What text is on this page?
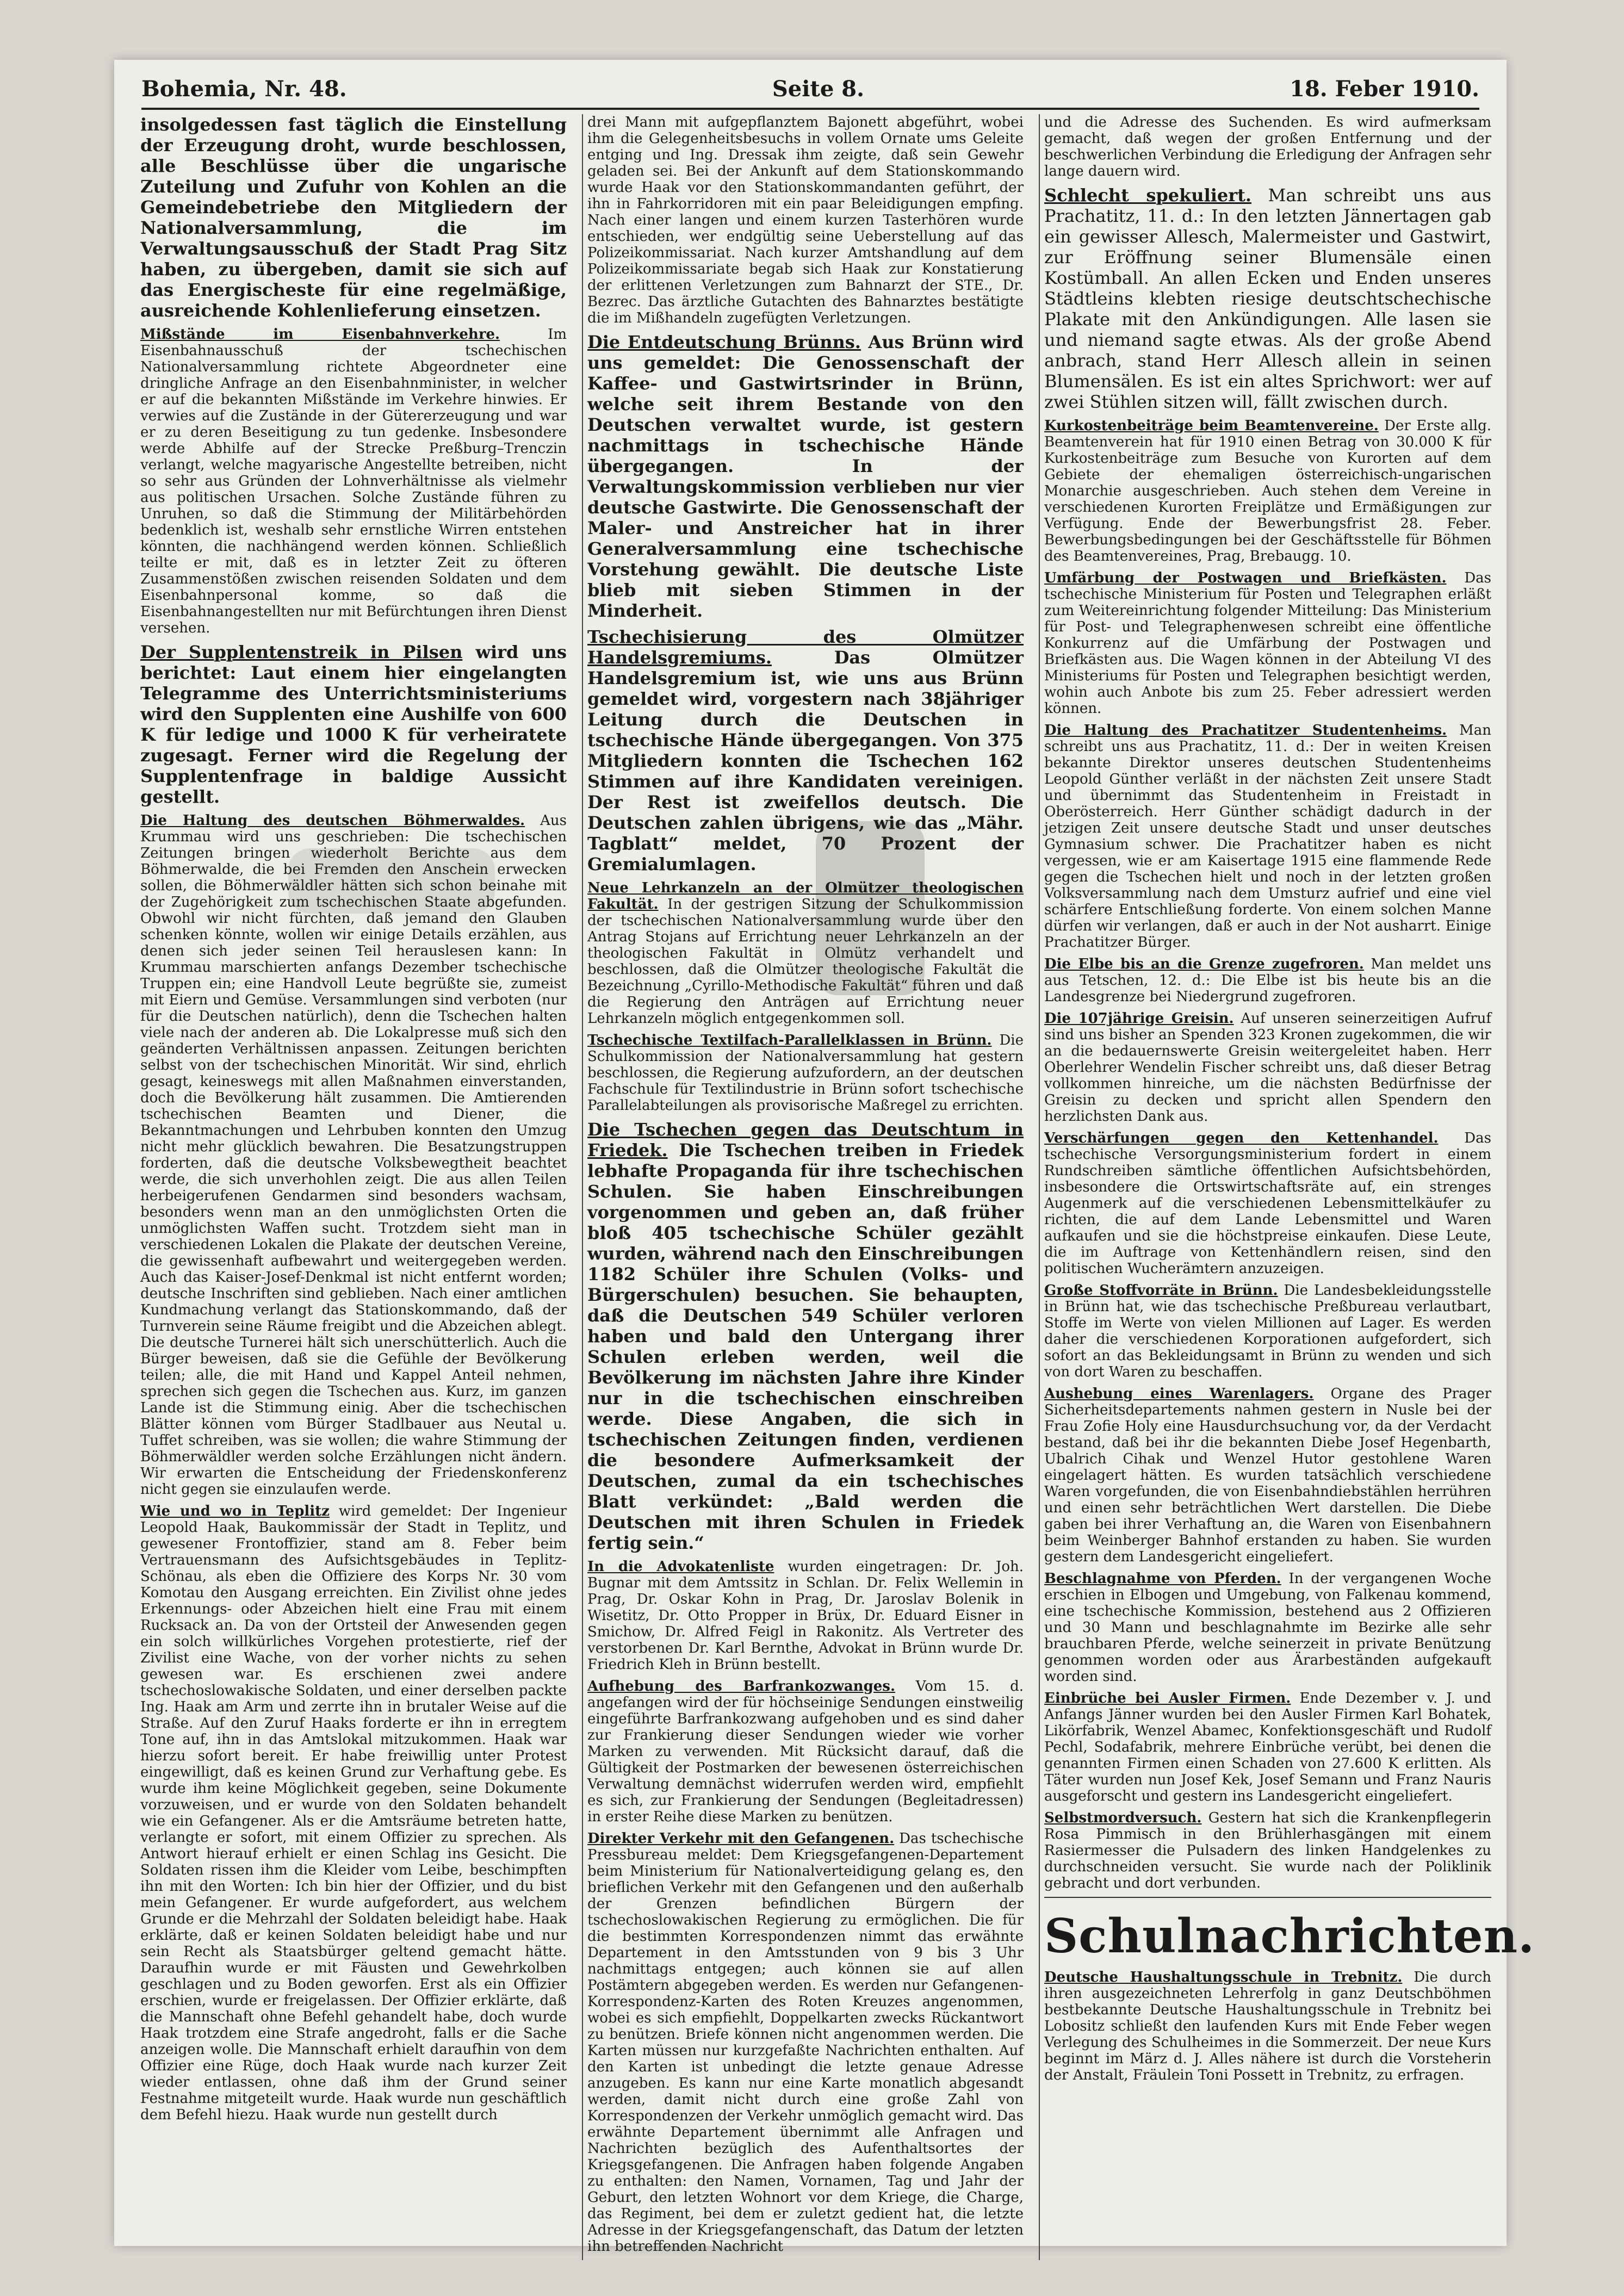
Bohemia, Nr. 48.	Seite 8.	18. Feber 1910.

insolgedessen fast täglich die Einstellung der Erzeugung droht, wurde beschlossen, alle Beschlüsse über die ungarische Zuteilung und Zufuhr von Kohlen an die Gemeindebetriebe den Mitgliedern der Nationalversammlung, die im Verwaltungsausschuß der Stadt Prag Sitz haben, zu übergeben, damit sie sich auf das Energischeste für eine regelmäßige, ausreichende Kohlenlieferung einsetzen.

Mißstände im Eisenbahnverkehre.	Im Eisenbahnausschuß der tschechischen Nationalversammlung richtete Abgeordneter eine dringliche Anfrage an den Eisenbahnminister, in welcher er auf die bekannten Mißstände im Verkehre hinwies. Er verwies auf die Zustände in der Gütererzeugung und war er zu deren Beseitigung zu tun gedenke. Insbesondere werde Abhilfe auf der Strecke Preßburg–Trenczin verlangt, welche magyarische Angestellte betreiben, nicht so sehr aus Gründen der Lohnverhältnisse als vielmehr aus politischen Ursachen. Solche Zustände führen zu Unruhen, so daß die Stimmung der Militärbehörden bedenklich ist, weshalb sehr ernstliche Wirren entstehen könnten, die nachhängend werden können. Schließlich teilte er mit, daß es in letzter Zeit zu öfteren Zusammenstößen zwischen reisenden Soldaten und dem Eisenbahnpersonal komme, so daß die Eisenbahnangestellten nur mit Befürchtungen ihren Dienst versehen.

Der Supplentenstreik in Pilsen wird uns berichtet: Laut einem hier eingelangten Telegramme des Unterrichtsministeriums wird den Supplenten eine Aushilfe von 600 K für ledige und 1000 K für verheiratete zugesagt. Ferner wird die Regelung der Supplentenfrage in baldige Aussicht gestellt.

Die Haltung des deutschen Böhmerwaldes. Aus Krummau wird uns geschrieben: Die tschechischen Zeitungen bringen wiederholt Berichte aus dem Böhmerwalde, die bei Fremden den Anschein erwecken sollen, die Böhmerwäldler hätten sich schon beinahe mit der Zugehörigkeit zum tschechischen Staate abgefunden. Obwohl wir nicht fürchten, daß jemand den Glauben schenken könnte, wollen wir einige Details erzählen, aus denen sich jeder seinen Teil herauslesen kann: In Krummau marschierten anfangs Dezember tschechische Truppen ein; eine Handvoll Leute begrüßte sie, zumeist mit Eiern und Gemüse. Versammlungen sind verboten (nur für die Deutschen natürlich), denn die Tschechen halten viele nach der anderen ab. Die Lokalpresse muß sich den geänderten Verhältnissen anpassen. Zeitungen berichten selbst von der tschechischen Minorität. Wir sind, ehrlich gesagt, keineswegs mit allen Maßnahmen einverstanden, doch die Bevölkerung hält zusammen. Die Amtierenden tschechischen Beamten und Diener, die Bekanntmachungen und Lehrbuben konnten den Umzug nicht mehr glücklich bewahren. Die Besatzungstruppen forderten, daß die deutsche Volksbewegtheit beachtet werde, die sich unverhohlen zeigt. Die aus allen Teilen herbeigerufenen Gendarmen sind besonders wachsam, besonders wenn man an den unmöglichsten Orten die unmöglichsten Waffen sucht. Trotzdem sieht man in verschiedenen Lokalen die Plakate der deutschen Vereine, die gewissenhaft aufbewahrt und weitergegeben werden. Auch das Kaiser-Josef-Denkmal ist nicht entfernt worden; deutsche Inschriften sind geblieben. Nach einer amtlichen Kundmachung verlangt das Stationskommando, daß der Turnverein seine Räume freigibt und die Abzeichen ablegt. Die deutsche Turnerei hält sich unerschütterlich. Auch die Bürger beweisen, daß sie die Gefühle der Bevölkerung teilen; alle, die mit Hand und Kappel Anteil nehmen, sprechen sich gegen die Tschechen aus. Kurz, im ganzen Lande ist die Stimmung einig. Aber die tschechischen Blätter können vom Bürger Stadlbauer aus Neutal u. Tuffet schreiben, was sie wollen; die wahre Stimmung der Böhmerwäldler werden solche Erzählungen nicht ändern. Wir erwarten die Entscheidung der Friedenskonferenz nicht gegen sie einzulaufen werde.

Wie und wo in Teplitz wird gemeldet: Der Ingenieur Leopold Haak, Baukommissär der Stadt in Teplitz, und gewesener Frontoffizier, stand am 8. Feber beim Vertrauensmann des Aufsichtsgebäudes in Teplitz-Schönau, als eben die Offiziere des Korps Nr. 30 vom Komotau den Ausgang erreichten. Ein Zivilist ohne jedes Erkennungs- oder Abzeichen hielt eine Frau mit einem Rucksack an. Da von der Ortsteil der Anwesenden gegen ein solch willkürliches Vorgehen protestierte, rief der Zivilist eine Wache, von der vorher nichts zu sehen gewesen war. Es erschienen zwei andere tschechoslowakische Soldaten, und einer derselben packte Ing. Haak am Arm und zerrte ihn in brutaler Weise auf die Straße. Auf den Zuruf Haaks forderte er ihn in erregtem Tone auf, ihn in das Amtslokal mitzukommen. Haak war hierzu sofort bereit. Er habe freiwillig unter Protest eingewilligt, daß es keinen Grund zur Verhaftung gebe. Es wurde ihm keine Möglichkeit gegeben, seine Dokumente vorzuweisen, und er wurde von den Soldaten behandelt wie ein Gefangener. Als er die Amtsräume betreten hatte, verlangte er sofort, mit einem Offizier zu sprechen. Als Antwort hierauf erhielt er einen Schlag ins Gesicht. Die Soldaten rissen ihm die Kleider vom Leibe, beschimpften ihn mit den Worten: Ich bin hier der Offizier, und du bist mein Gefangener. Er wurde aufgefordert, aus welchem Grunde er die Mehrzahl der Soldaten beleidigt habe. Haak erklärte, daß er keinen Soldaten beleidigt habe und nur sein Recht als Staatsbürger geltend gemacht hätte. Daraufhin wurde er mit Fäusten und Gewehrkolben geschlagen und zu Boden geworfen. Erst als ein Offizier erschien, wurde er freigelassen. Der Offizier erklärte, daß die Mannschaft ohne Befehl gehandelt habe, doch wurde Haak trotzdem eine Strafe angedroht, falls er die Sache anzeigen wolle. Die Mannschaft erhielt daraufhin von dem Offizier eine Rüge, doch Haak wurde nach kurzer Zeit wieder entlassen, ohne daß ihm der Grund seiner Festnahme mitgeteilt wurde. Haak wurde nun geschäftlich dem Befehl hiezu. Haak wurde nun gestellt durch

drei Mann mit aufgepflanztem Bajonett abgeführt, wobei ihm die Gelegenheitsbesuchs in vollem Ornate ums Geleite entging und Ing. Dressak ihm zeigte, daß sein Gewehr geladen sei. Bei der Ankunft auf dem Stationskommando wurde Haak vor den Stationskommandanten geführt, der ihn in Fahrkorridoren mit ein paar Beleidigungen empfing. Nach einer langen und einem kurzen Tasterhören wurde entschieden, wer endgültig seine Ueberstellung auf das Polizeikommissariat. Nach kurzer Amtshandlung auf dem Polizeikommissariate begab sich Haak zur Konstatierung der erlittenen Verletzungen zum Bahnarzt der STE., Dr. Bezrec. Das ärztliche Gutachten des Bahnarztes bestätigte die im Mißhandeln zugefügten Verletzungen.

Die Entdeutschung Brünns. Aus Brünn wird uns gemeldet: Die Genossenschaft der Kaffee- und Gastwirtsrinder in Brünn, welche seit ihrem Bestande von den Deutschen verwaltet wurde, ist gestern nachmittags in tschechische Hände übergegangen. In der Verwaltungskommission verblieben nur vier deutsche Gastwirte. Die Genossenschaft der Maler- und Anstreicher hat in ihrer Generalversammlung eine tschechische Vorstehung gewählt. Die deutsche Liste blieb mit sieben Stimmen in der Minderheit.

Tschechisierung des Olmützer Handelsgremiums.	Das Olmützer Handelsgremium ist, wie uns aus Brünn gemeldet wird, vorgestern nach 38jähriger Leitung durch die Deutschen in tschechische Hände übergegangen. Von 375 Mitgliedern konnten die Tschechen 162 Stimmen auf ihre Kandidaten vereinigen. Der Rest ist zweifellos deutsch. Die Deutschen zahlen übrigens, wie das „Mähr. Tagblatt“ meldet, 70 Prozent der Gremialumlagen.

Neue Lehrkanzeln an der Olmützer theologischen Fakultät. In der gestrigen Sitzung der Schulkommission der tschechischen Nationalversammlung wurde über den Antrag Stojans auf Errichtung neuer Lehrkanzeln an der theologischen Fakultät in Olmütz verhandelt und beschlossen, daß die Olmützer theologische Fakultät die Bezeichnung „Cyrillo-Methodische Fakultät“ führen und daß die Regierung den Anträgen auf Errichtung neuer Lehrkanzeln möglich entgegenkommen soll.

Tschechische Textilfach-Parallelklassen in Brünn. Die Schulkommission der Nationalversammlung hat gestern beschlossen, die Regierung aufzufordern, an der deutschen Fachschule für Textilindustrie in Brünn sofort tschechische Parallelabteilungen als provisorische Maßregel zu errichten.

Die Tschechen gegen das Deutschtum in Friedek. Die Tschechen treiben in Friedek lebhafte Propaganda für ihre tschechischen Schulen. Sie haben Einschreibungen vorgenommen und geben an, daß früher bloß 405 tschechische Schüler gezählt wurden, während nach den Einschreibungen 1182 Schüler ihre Schulen (Volks- und Bürgerschulen) besuchen. Sie behaupten, daß die Deutschen 549 Schüler verloren haben und bald den Untergang ihrer Schulen erleben werden, weil die Bevölkerung im nächsten Jahre ihre Kinder nur in die tschechischen einschreiben werde. Diese Angaben, die sich in tschechischen Zeitungen finden, verdienen die besondere Aufmerksamkeit der Deutschen, zumal da ein tschechisches Blatt verkündet: „Bald werden die Deutschen mit ihren Schulen in Friedek fertig sein.“

In die Advokatenliste wurden eingetragen: Dr. Joh. Bugnar mit dem Amtssitz in Schlan. Dr. Felix Wellemin in Prag, Dr. Oskar Kohn in Prag, Dr. Jaroslav Bolenik in Wisetitz, Dr. Otto Propper in Brüx, Dr. Eduard Eisner in Smichow, Dr. Alfred Feigl in Rakonitz. Als Vertreter des verstorbenen Dr. Karl Bernthe, Advokat in Brünn wurde Dr. Friedrich Kleh in Brünn bestellt.

Aufhebung des Barfrankozwanges. Vom 15. d. angefangen wird der für höchseinige Sendungen einstweilig eingeführte Barfrankozwang aufgehoben und es sind daher zur Frankierung dieser Sendungen wieder wie vorher Marken zu verwenden. Mit Rücksicht darauf, daß die Gültigkeit der Postmarken der bewesenen österreichischen Verwaltung demnächst widerrufen werden wird, empfiehlt es sich, zur Frankierung der Sendungen (Begleitadressen) in erster Reihe diese Marken zu benützen.

Direkter Verkehr mit den Gefangenen. Das tschechische Pressbureau meldet: Dem Kriegsgefangenen-Departement beim Ministerium für Nationalverteidigung gelang es, den brieflichen Verkehr mit den Gefangenen und den außerhalb der Grenzen befindlichen Bürgern der tschechoslowakischen Regierung zu ermöglichen. Die für die bestimmten Korrespondenzen nimmt das erwähnte Departement in den Amtsstunden von 9 bis 3 Uhr nachmittags entgegen; auch können sie auf allen Postämtern abgegeben werden. Es werden nur Gefangenen-Korrespondenz-Karten des Roten Kreuzes angenommen, wobei es sich empfiehlt, Doppelkarten zwecks Rückantwort zu benützen. Briefe können nicht angenommen werden. Die Karten müssen nur kurzgefaßte Nachrichten enthalten. Auf den Karten ist unbedingt die letzte genaue Adresse anzugeben. Es kann nur eine Karte monatlich abgesandt werden, damit nicht durch eine große Zahl von Korrespondenzen der Verkehr unmöglich gemacht wird. Das erwähnte Departement übernimmt alle Anfragen und Nachrichten bezüglich des Aufenthaltsortes der Kriegsgefangenen. Die Anfragen haben folgende Angaben zu enthalten: den Namen, Vornamen, Tag und Jahr der Geburt, den letzten Wohnort vor dem Kriege, die Charge, das Regiment, bei dem er zuletzt gedient hat, die letzte Adresse in der Kriegsgefangenschaft, das Datum der letzten ihn betreffenden Nachricht

und die Adresse des Suchenden. Es wird aufmerksam gemacht, daß wegen der großen Entfernung und der beschwerlichen Verbindung die Erledigung der Anfragen sehr lange dauern wird.

Schlecht spekuliert. Man schreibt uns aus Prachatitz, 11. d.: In den letzten Jännertagen gab ein gewisser Allesch, Malermeister und Gastwirt, zur Eröffnung seiner Blumensäle einen Kostümball. An allen Ecken und Enden unseres Städtleins klebten riesige deutschtschechische Plakate mit den Ankündigungen. Alle lasen sie und niemand sagte etwas. Als der große Abend anbrach, stand Herr Allesch allein in seinen Blumensälen. Es ist ein altes Sprichwort: wer auf zwei Stühlen sitzen will, fällt zwischen durch.

Kurkostenbeiträge beim Beamtenvereine. Der Erste allg. Beamtenverein hat für 1910 einen Betrag von 30.000 K für Kurkostenbeiträge zum Besuche von Kurorten auf dem Gebiete der ehemaligen österreichisch-ungarischen Monarchie ausgeschrieben. Auch stehen dem Vereine in verschiedenen Kurorten Freiplätze und Ermäßigungen zur Verfügung. Ende der Bewerbungsfrist 28. Feber. Bewerbungsbedingungen bei der Geschäftsstelle für Böhmen des Beamtenvereines, Prag, Brebaugg. 10.

Umfärbung der Postwagen und Briefkästen. Das tschechische Ministerium für Posten und Telegraphen erläßt zum Weitereinrichtung folgender Mitteilung: Das Ministerium für Post- und Telegraphenwesen schreibt eine öffentliche Konkurrenz auf die Umfärbung der Postwagen und Briefkästen aus. Die Wagen können in der Abteilung VI des Ministeriums für Posten und Telegraphen besichtigt werden, wohin auch Anbote bis zum 25. Feber adressiert werden können.

Die Haltung des Prachatitzer Studentenheims. Man schreibt uns aus Prachatitz, 11. d.: Der in weiten Kreisen bekannte Direktor unseres deutschen Studentenheims Leopold Günther verläßt in der nächsten Zeit unsere Stadt und übernimmt das Studentenheim in Freistadt in Oberösterreich. Herr Günther schädigt dadurch in der jetzigen Zeit unsere deutsche Stadt und unser deutsches Gymnasium schwer. Die Prachatitzer haben es nicht vergessen, wie er am Kaisertage 1915 eine flammende Rede gegen die Tschechen hielt und noch in der letzten großen Volksversammlung nach dem Umsturz aufrief und eine viel schärfere Entschließung forderte. Von einem solchen Manne dürfen wir verlangen, daß er auch in der Not ausharrt. Einige Prachatitzer Bürger.

Die Elbe bis an die Grenze zugefroren. Man meldet uns aus Tetschen, 12. d.: Die Elbe ist bis heute bis an die Landesgrenze bei Niedergrund zugefroren.

Die 107jährige Greisin. Auf unseren seinerzeitigen Aufruf sind uns bisher an Spenden 323 Kronen zugekommen, die wir an die bedauernswerte Greisin weitergeleitet haben. Herr Oberlehrer Wendelin Fischer schreibt uns, daß dieser Betrag vollkommen hinreiche, um die nächsten Bedürfnisse der Greisin zu decken und spricht allen Spendern den herzlichsten Dank aus.

Verschärfungen gegen den Kettenhandel. Das tschechische Versorgungsministerium fordert in einem Rundschreiben sämtliche öffentlichen Aufsichtsbehörden, insbesondere die Ortswirtschaftsräte auf, ein strenges Augenmerk auf die verschiedenen Lebensmittelkäufer zu richten, die auf dem Lande Lebensmittel und Waren aufkaufen und sie die höchstpreise einkaufen. Diese Leute, die im Auftrage von Kettenhändlern reisen, sind den politischen Wucherämtern anzuzeigen.

Große Stoffvorräte in Brünn. Die Landesbekleidungsstelle in Brünn hat, wie das tschechische Preßbureau verlautbart, Stoffe im Werte von vielen Millionen auf Lager. Es werden daher die verschiedenen Korporationen aufgefordert, sich sofort an das Bekleidungsamt in Brünn zu wenden und sich von dort Waren zu beschaffen.

Aushebung eines Warenlagers. Organe des Prager Sicherheitsdepartements nahmen gestern in Nusle bei der Frau Zofie Holy eine Hausdurchsuchung vor, da der Verdacht bestand, daß bei ihr die bekannten Diebe Josef Hegenbarth, Ubalrich Cihak und Wenzel Hutor gestohlene Waren eingelagert hätten. Es wurden tatsächlich verschiedene Waren vorgefunden, die von Eisenbahndiebstählen herrühren und einen sehr beträchtlichen Wert darstellen. Die Diebe gaben bei ihrer Verhaftung an, die Waren von Eisenbahnern beim Weinberger Bahnhof erstanden zu haben. Sie wurden gestern dem Landesgericht eingeliefert.

Beschlagnahme von Pferden. In der vergangenen Woche erschien in Elbogen und Umgebung, von Falkenau kommend, eine tschechische Kommission, bestehend aus 2 Offizieren und 30 Mann und beschlagnahmte im Bezirke alle sehr brauchbaren Pferde, welche seinerzeit in private Benützung genommen worden oder aus Ärarbeständen aufgekauft worden sind.

Einbrüche bei Ausler Firmen. Ende Dezember v. J. und Anfangs Jänner wurden bei den Ausler Firmen Karl Bohatek, Likörfabrik, Wenzel Abamec, Konfektionsgeschäft und Rudolf Pechl, Sodafabrik, mehrere Einbrüche verübt, bei denen die genannten Firmen einen Schaden von 27.600 K erlitten. Als Täter wurden nun Josef Kek, Josef Semann und Franz Nauris ausgeforscht und gestern ins Landesgericht eingeliefert.

Selbstmordversuch. Gestern hat sich die Krankenpflegerin Rosa Pimmisch in den Brühlerhasgängen mit einem Rasiermesser die Pulsadern des linken Handgelenkes zu durchschneiden versucht. Sie wurde nach der Poliklinik gebracht und dort verbunden.

Schulnachrichten.

Deutsche Haushaltungsschule in Trebnitz. Die durch ihren ausgezeichneten Lehrerfolg in ganz Deutschböhmen bestbekannte Deutsche Haushaltungsschule in Trebnitz bei Lobositz schließt den laufenden Kurs mit Ende Feber wegen Verlegung des Schulheimes in die Sommerzeit. Der neue Kurs beginnt im März d. J. Alles nähere ist durch die Vorsteherin der Anstalt, Fräulein Toni Possett in Trebnitz, zu erfragen.
